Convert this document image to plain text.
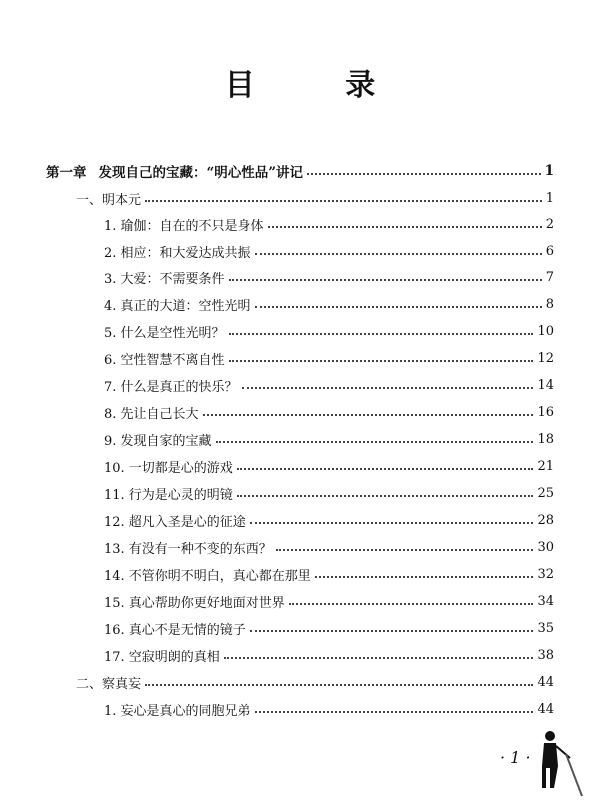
目 录
第一章 发现自己的宝藏：“明心性品”讲记	1
一、明本元	1
1. 瑜伽：自在的不只是身体	2
2. 相应：和大爱达成共振	6
3. 大爱：不需要条件	7
4. 真正的大道：空性光明	8
5. 什么是空性光明？	10
6. 空性智慧不离自性	12
7. 什么是真正的快乐？	14
8. 先让自己长大	16
9. 发现自家的宝藏	18
10. 一切都是心的游戏	21
11. 行为是心灵的明镜	25
12. 超凡入圣是心的征途	28
13. 有没有一种不变的东西？	30
14. 不管你明不明白，真心都在那里	32
15. 真心帮助你更好地面对世界	34
16. 真心不是无情的镜子	35
17. 空寂明朗的真相	38
二、察真妄	44
1. 妄心是真心的同胞兄弟	44
· 1 ·
